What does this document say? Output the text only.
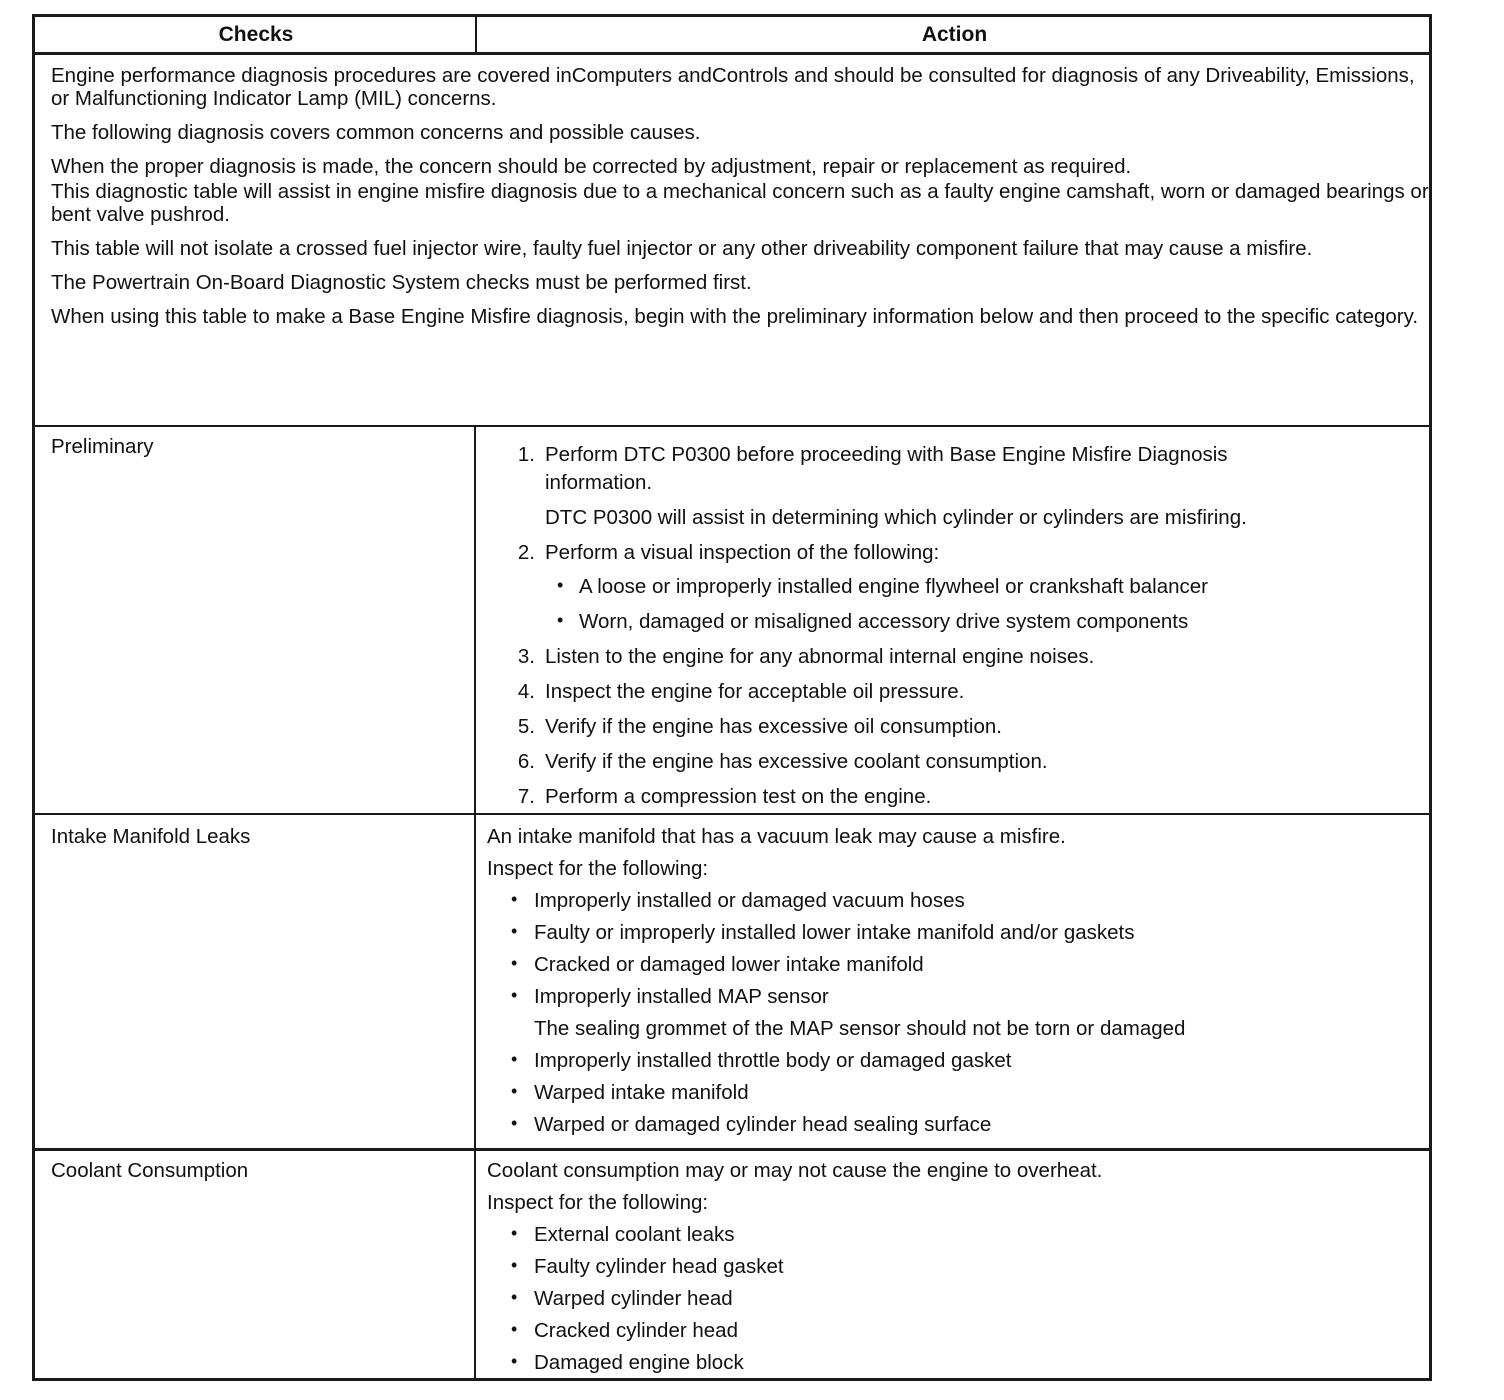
Checks	Action

Engine performance diagnosis procedures are covered inComputers andControls and should be consulted for diagnosis of any Driveability, Emissions, or Malfunctioning Indicator Lamp (MIL) concerns.

The following diagnosis covers common concerns and possible causes.

When the proper diagnosis is made, the concern should be corrected by adjustment, repair or replacement as required.

This diagnostic table will assist in engine misfire diagnosis due to a mechanical concern such as a faulty engine camshaft, worn or damaged bearings or bent valve pushrod.

This table will not isolate a crossed fuel injector wire, faulty fuel injector or any other driveability component failure that may cause a misfire.

The Powertrain On-Board Diagnostic System checks must be performed first.

When using this table to make a Base Engine Misfire diagnosis, begin with the preliminary information below and then proceed to the specific category.

Preliminary	1. Perform DTC P0300 before proceeding with Base Engine Misfire Diagnosis
information.
DTC P0300 will assist in determining which cylinder or cylinders are misfiring.
2. Perform a visual inspection of the following:
• A loose or improperly installed engine flywheel or crankshaft balancer
• Worn, damaged or misaligned accessory drive system components
3. Listen to the engine for any abnormal internal engine noises.
4. Inspect the engine for acceptable oil pressure.
5. Verify if the engine has excessive oil consumption.
6. Verify if the engine has excessive coolant consumption.
7. Perform a compression test on the engine.
Intake Manifold Leaks	An intake manifold that has a vacuum leak may cause a misfire.
Inspect for the following:
• Improperly installed or damaged vacuum hoses
• Faulty or improperly installed lower intake manifold and/or gaskets
• Cracked or damaged lower intake manifold
• Improperly installed MAP sensor
The sealing grommet of the MAP sensor should not be torn or damaged
• Improperly installed throttle body or damaged gasket
• Warped intake manifold
• Warped or damaged cylinder head sealing surface
Coolant Consumption	Coolant consumption may or may not cause the engine to overheat.
Inspect for the following:
• External coolant leaks
• Faulty cylinder head gasket
• Warped cylinder head
• Cracked cylinder head
• Damaged engine block
